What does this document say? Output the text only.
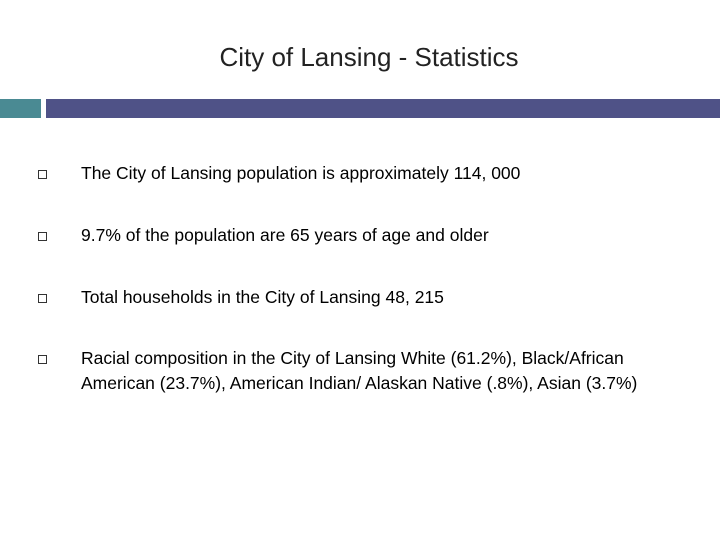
City of Lansing - Statistics
The City of Lansing population is approximately 114, 000
9.7% of the population are 65 years of age and older
Total households in the City of Lansing 48, 215
Racial composition in the City of Lansing White (61.2%), Black/African American (23.7%), American Indian/ Alaskan Native (.8%), Asian (3.7%)
